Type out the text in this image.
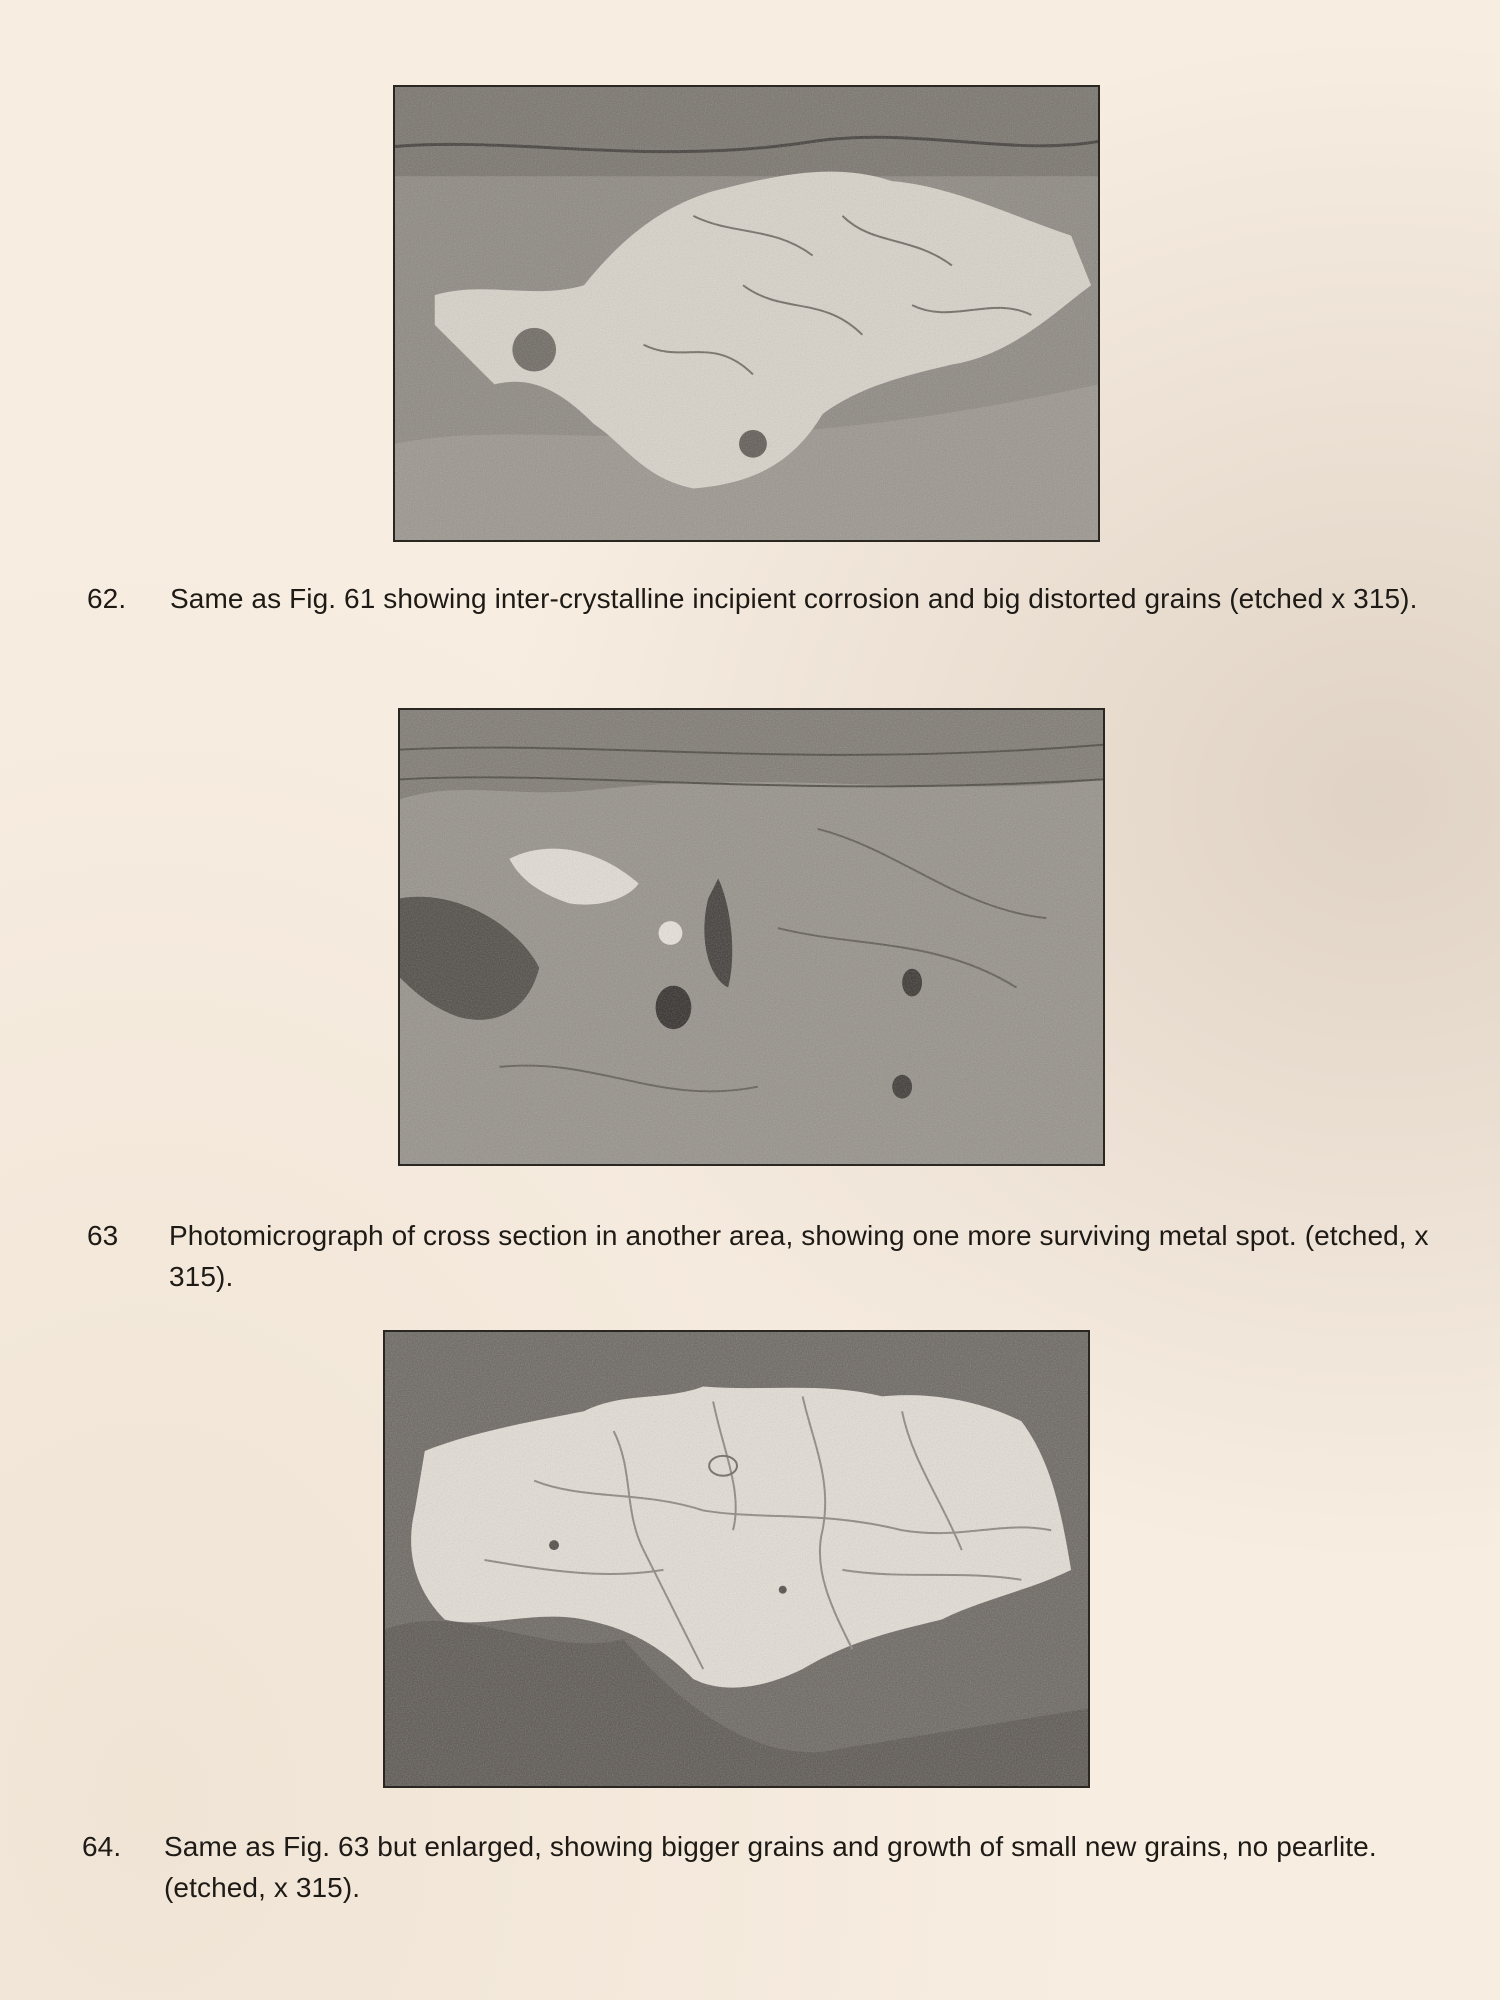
62. Same as Fig. 61 showing inter-crystalline incipient corrosion and big distorted grains (etched x 315).
63 Photomicrograph of cross section in another area, showing one more surviving metal spot. (etched, x 315).
64. Same as Fig. 63 but enlarged, showing bigger grains and growth of small new grains, no pearlite. (etched, x 315).
